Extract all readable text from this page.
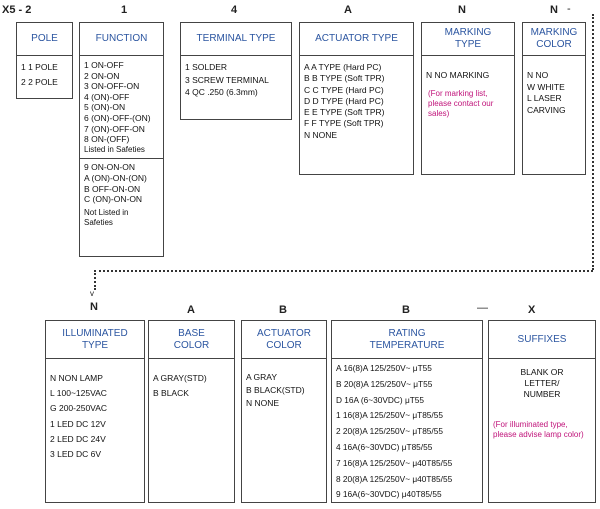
X5 - 2	1	4	A	N	N -
POLE
1 1 POLE
2 2 POLE
FUNCTION
1 ON-OFF
2 ON-ON
3 ON-OFF-ON
4 (ON)-OFF
5 (ON)-ON
6 (ON)-OFF-(ON)
7 (ON)-OFF-ON
8 ON-(OFF)
Listed in Safeties
9 ON-ON-ON
A (ON)-ON-(ON)
B OFF-ON-ON
C (ON)-ON-ON
Not Listed in Safeties
TERMINAL TYPE
1 SOLDER
3 SCREW TERMINAL
4 QC .250 (6.3mm)
ACTUATOR TYPE
A A TYPE (Hard PC)
B B TYPE (Soft TPR)
C C TYPE (Hard PC)
D D TYPE (Hard PC)
E E TYPE (Soft TPR)
F F TYPE (Soft TPR)
N NONE
MARKING TYPE
N NO MARKING
(For marking list, please contact our sales)
MARKING COLOR
N NO
W WHITE
L LASER
CARVING
v
N	A	B	B	—	X
ILLUMINATED TYPE
N NON LAMP
L 100~125VAC
G 200-250VAC
1 LED DC 12V
2 LED DC 24V
3 LED DC 6V
BASE COLOR
A GRAY(STD)
B BLACK
ACTUATOR COLOR
A GRAY
B BLACK(STD)
N NONE
RATING TEMPERATURE
A 16(8)A 125/250V~ μT55
B 20(8)A 125/250V~ μT55
D 16A (6~30VDC) μT55
1 16(8)A 125/250V~ μT85/55
2 20(8)A 125/250V~ μT85/55
4 16A(6~30VDC) μT85/55
7 16(8)A 125/250V~ μ40T85/55
8 20(8)A 125/250V~ μ40T85/55
9 16A(6~30VDC) μ40T85/55
SUFFIXES
BLANK OR
LETTER/
NUMBER
(For illuminated type, please advise lamp color)
